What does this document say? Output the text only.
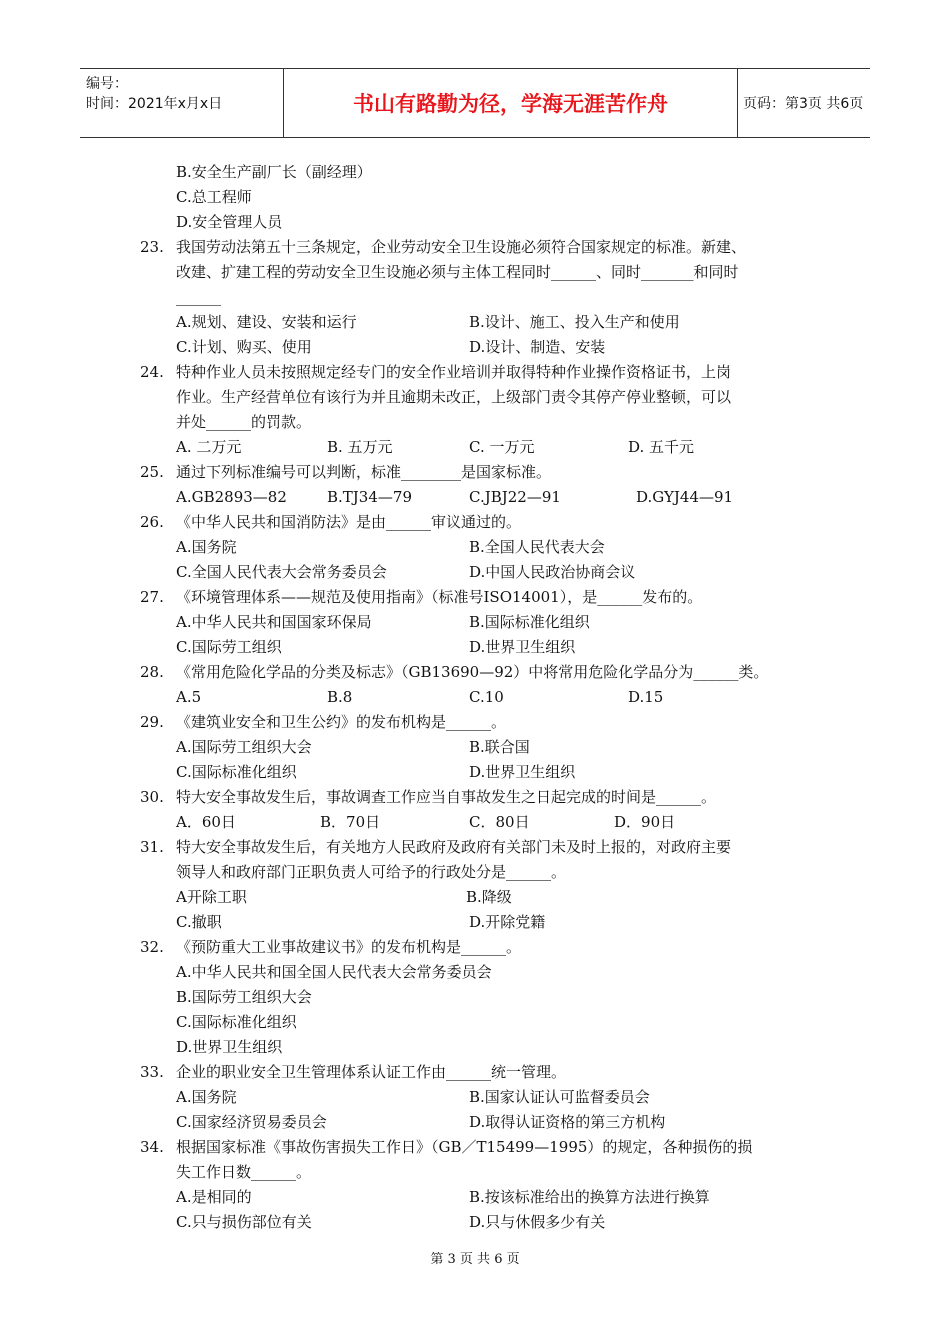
编号：
时间：2021年x月x日	书山有路勤为径，学海无涯苦作舟	页码：第3页 共6页
B.安全生产副厂长（副经理）
C.总工程师
D.安全管理人员
23. 我国劳动法第五十三条规定，企业劳动安全卫生设施必须符合国家规定的标准。新建、
改建、扩建工程的劳动安全卫生设施必须与主体工程同时______、同时_______和同时
______
A.规划、建设、安装和运行	B.设计、施工、投入生产和使用
C.计划、购买、使用	D.设计、制造、安装
24. 特种作业人员未按照规定经专门的安全作业培训并取得特种作业操作资格证书，上岗
作业。生产经营单位有该行为并且逾期未改正，上级部门责令其停产停业整顿，可以
并处______的罚款。
A. 二万元	B. 五万元	C. 一万元	D. 五千元
25. 通过下列标准编号可以判断，标准________是国家标准。
A.GB2893—82	B.TJ34—79	C.JBJ22—91	D.GYJ44—91
26. 《中华人民共和国消防法》是由______审议通过的。
A.国务院	B.全国人民代表大会
C.全国人民代表大会常务委员会	D.中国人民政治协商会议
27. 《环境管理体系——规范及使用指南》（标准号ISO14001），是______发布的。
A.中华人民共和国国家环保局	B.国际标准化组织
C.国际劳工组织	D.世界卫生组织
28. 《常用危险化学品的分类及标志》（GB13690—92）中将常用危险化学品分为______类。
A.5	B.8	C.10	D.15
29. 《建筑业安全和卫生公约》的发布机构是______。
A.国际劳工组织大会	B.联合国
C.国际标准化组织	D.世界卫生组织
30. 特大安全事故发生后，事故调查工作应当自事故发生之日起完成的时间是______。
A．60日	B．70日	C．80日	D．90日
31. 特大安全事故发生后，有关地方人民政府及政府有关部门未及时上报的，对政府主要
领导人和政府部门正职负责人可给予的行政处分是______。
A开除工职	B.降级
C.撤职	D.开除党籍
32. 《预防重大工业事故建议书》的发布机构是______。
A.中华人民共和国全国人民代表大会常务委员会
B.国际劳工组织大会
C.国际标准化组织
D.世界卫生组织
33. 企业的职业安全卫生管理体系认证工作由______统一管理。
A.国务院	B.国家认证认可监督委员会
C.国家经济贸易委员会	D.取得认证资格的第三方机构
34. 根据国家标准《事故伤害损失工作日》（GB／T15499—1995）的规定，各种损伤的损
失工作日数______。
A.是相同的	B.按该标准给出的换算方法进行换算
C.只与损伤部位有关	D.只与休假多少有关
第 3 页 共 6 页
